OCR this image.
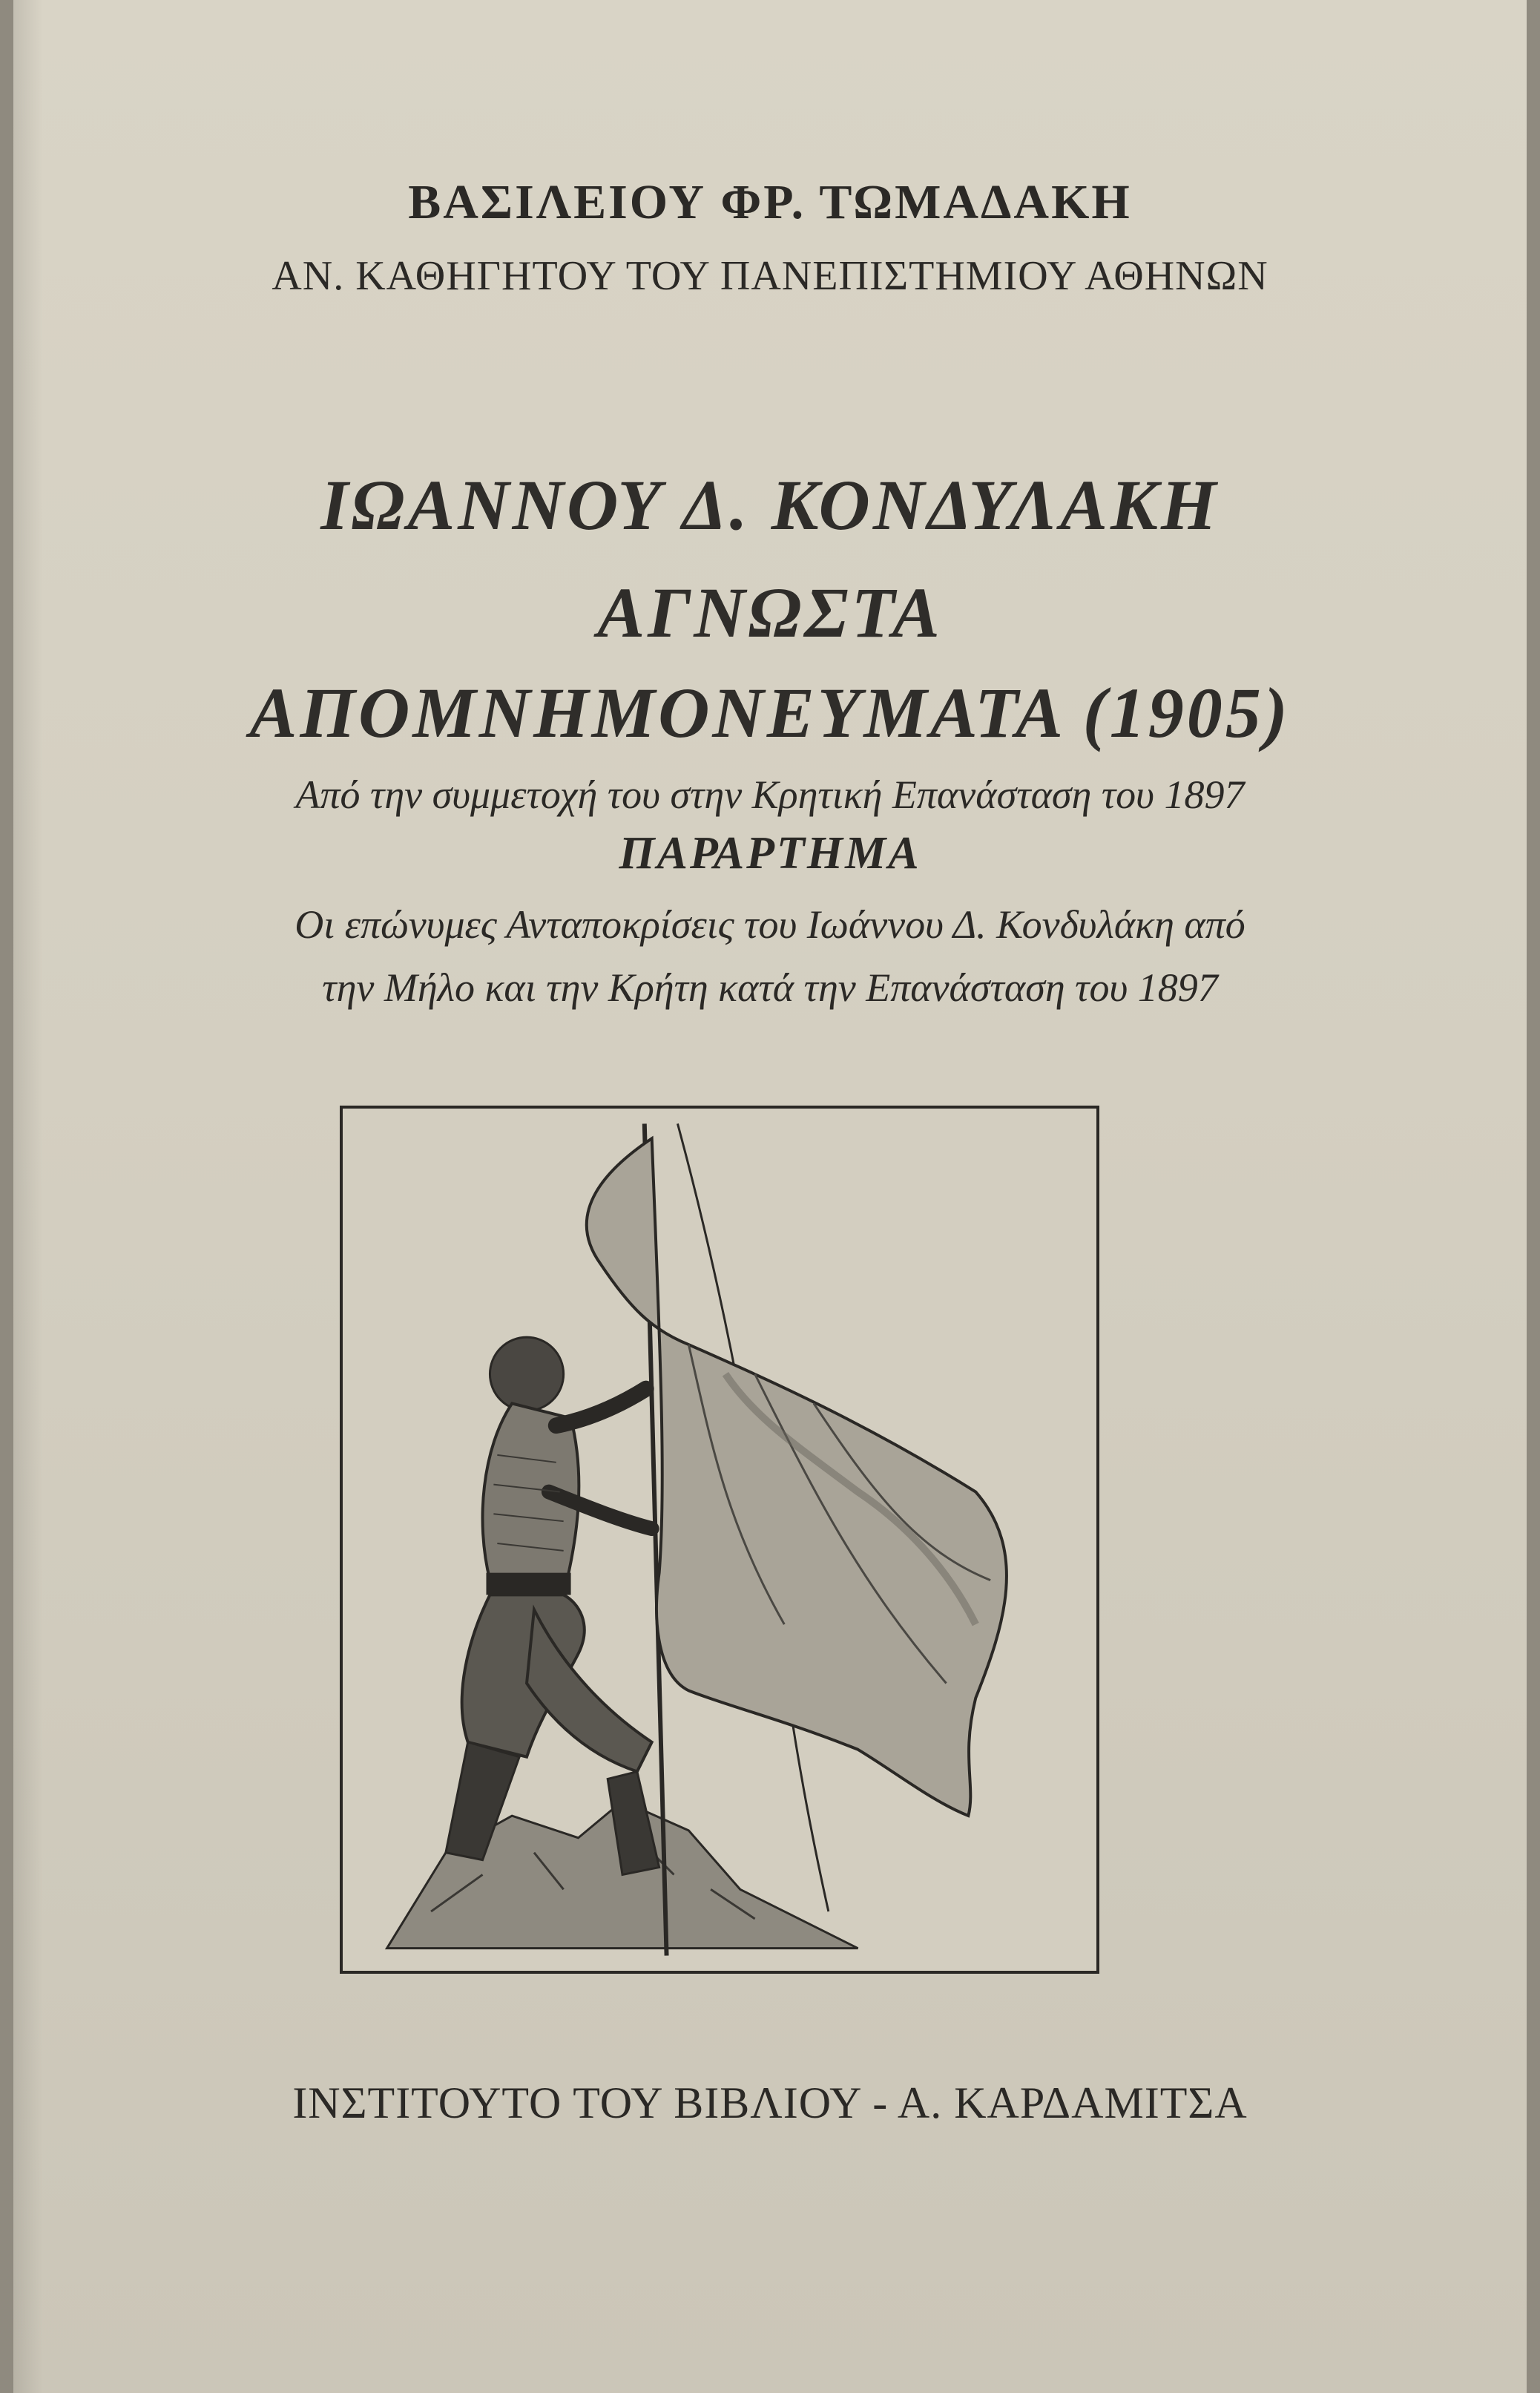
ΒΑΣΙΛΕΙΟΥ ΦΡ. ΤΩΜΑΔΑΚΗ
ΑΝ. ΚΑΘΗΓΗΤΟΥ ΤΟΥ ΠΑΝΕΠΙΣΤΗΜΙΟΥ ΑΘΗΝΩΝ
ΙΩΑΝΝΟΥ Δ. ΚΟΝΔΥΛΑΚΗ
ΑΓΝΩΣΤΑ
ΑΠΟΜΝΗΜΟΝΕΥΜΑΤΑ (1905)
Από την συμμετοχή του στην Κρητική Επανάσταση του 1897
ΠΑΡΑΡΤΗΜΑ
Οι επώνυμες Ανταποκρίσεις του Ιωάννου Δ. Κονδυλάκη από
την Μήλο και την Κρήτη κατά την Επανάσταση του 1897
ΙΝΣΤΙΤΟΥΤΟ ΤΟΥ ΒΙΒΛΙΟΥ - Α. ΚΑΡΔΑΜΙΤΣΑ
